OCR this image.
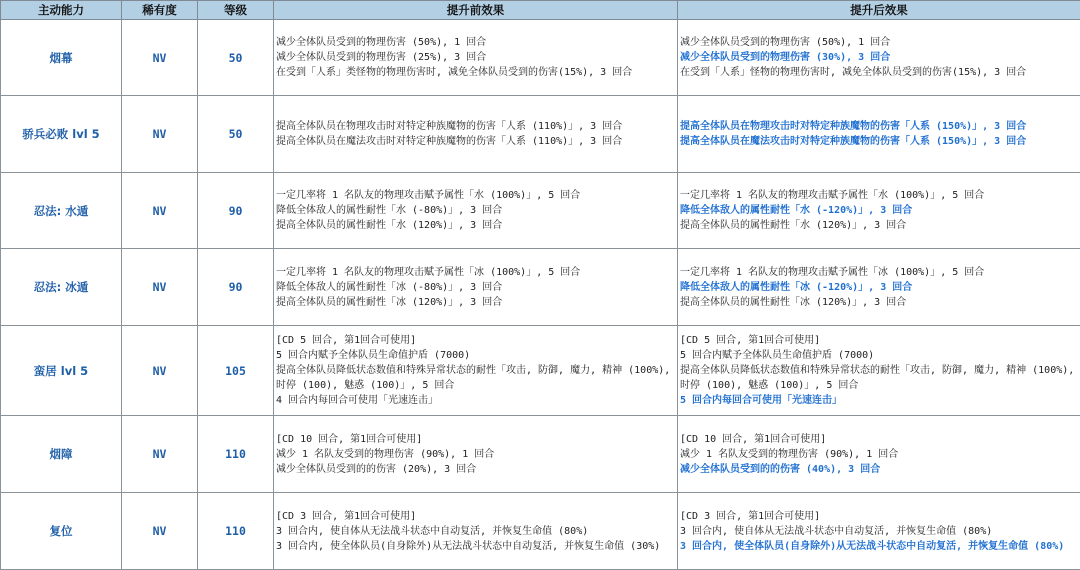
主动能力	稀有度	等级	提升前效果	提升后效果
烟幕	NV	50	减少全体队员受到的物理伤害 (50%), 1 回合
减少全体队员受到的物理伤害 (25%), 3 回合
在受到「人系」类怪物的物理伤害时, 减免全体队员受到的伤害(15%), 3 回合	减少全体队员受到的物理伤害 (50%), 1 回合
减少全体队员受到的物理伤害 (30%), 3 回合
在受到「人系」怪物的物理伤害时, 减免全体队员受到的伤害(15%), 3 回合

骄兵必败 lvl 5	NV	50	提高全体队员在物理攻击时对特定种族魔物的伤害「人系 (110%)」, 3 回合
提高全体队员在魔法攻击时对特定种族魔物的伤害「人系 (110%)」, 3 回合	提高全体队员在物理攻击时对特定种族魔物的伤害「人系 (150%)」, 3 回合
提高全体队员在魔法攻击时对特定种族魔物的伤害「人系 (150%)」, 3 回合

忍法: 水遁	NV	90	一定几率将 1 名队友的物理攻击赋予属性「水 (100%)」, 5 回合
降低全体敌人的属性耐性「水 (-80%)」, 3 回合
提高全体队员的属性耐性「水 (120%)」, 3 回合	一定几率将 1 名队友的物理攻击赋予属性「水 (100%)」, 5 回合
降低全体敌人的属性耐性「水 (-120%)」, 3 回合
提高全体队员的属性耐性「水 (120%)」, 3 回合

忍法: 冰遁	NV	90	一定几率将 1 名队友的物理攻击赋予属性「冰 (100%)」, 5 回合
降低全体敌人的属性耐性「冰 (-80%)」, 3 回合
提高全体队员的属性耐性「冰 (120%)」, 3 回合	一定几率将 1 名队友的物理攻击赋予属性「冰 (100%)」, 5 回合
降低全体敌人的属性耐性「冰 (-120%)」, 3 回合
提高全体队员的属性耐性「冰 (120%)」, 3 回合

蛮居 lvl 5	NV	105	[CD 5 回合, 第1回合可使用]
5 回合内赋予全体队员生命值护盾 (7000)
提高全体队员降低状态数值和特殊异常状态的耐性「攻击, 防御, 魔力, 精神 (100%), 时停 (100), 魅惑 (100)」, 5 回合
4 回合内每回合可使用「光速连击」	[CD 5 回合, 第1回合可使用]
5 回合内赋予全体队员生命值护盾 (7000)
提高全体队员降低状态数值和特殊异常状态的耐性「攻击, 防御, 魔力, 精神 (100%), 时停 (100), 魅惑 (100)」, 5 回合
5 回合内每回合可使用「光速连击」

烟障	NV	110	[CD 10 回合, 第1回合可使用]
减少 1 名队友受到的物理伤害 (90%), 1 回合
减少全体队员受到的的伤害 (20%), 3 回合	[CD 10 回合, 第1回合可使用]
减少 1 名队友受到的物理伤害 (90%), 1 回合
减少全体队员受到的的伤害 (40%), 3 回合

复位	NV	110	[CD 3 回合, 第1回合可使用]
3 回合内, 使自体从无法战斗状态中自动复活, 并恢复生命值 (80%)
3 回合内, 使全体队员(自身除外)从无法战斗状态中自动复活, 并恢复生命值 (30%)	[CD 3 回合, 第1回合可使用]
3 回合内, 使自体从无法战斗状态中自动复活, 并恢复生命值 (80%)
3 回合内, 使全体队员(自身除外)从无法战斗状态中自动复活, 并恢复生命值 (80%)
